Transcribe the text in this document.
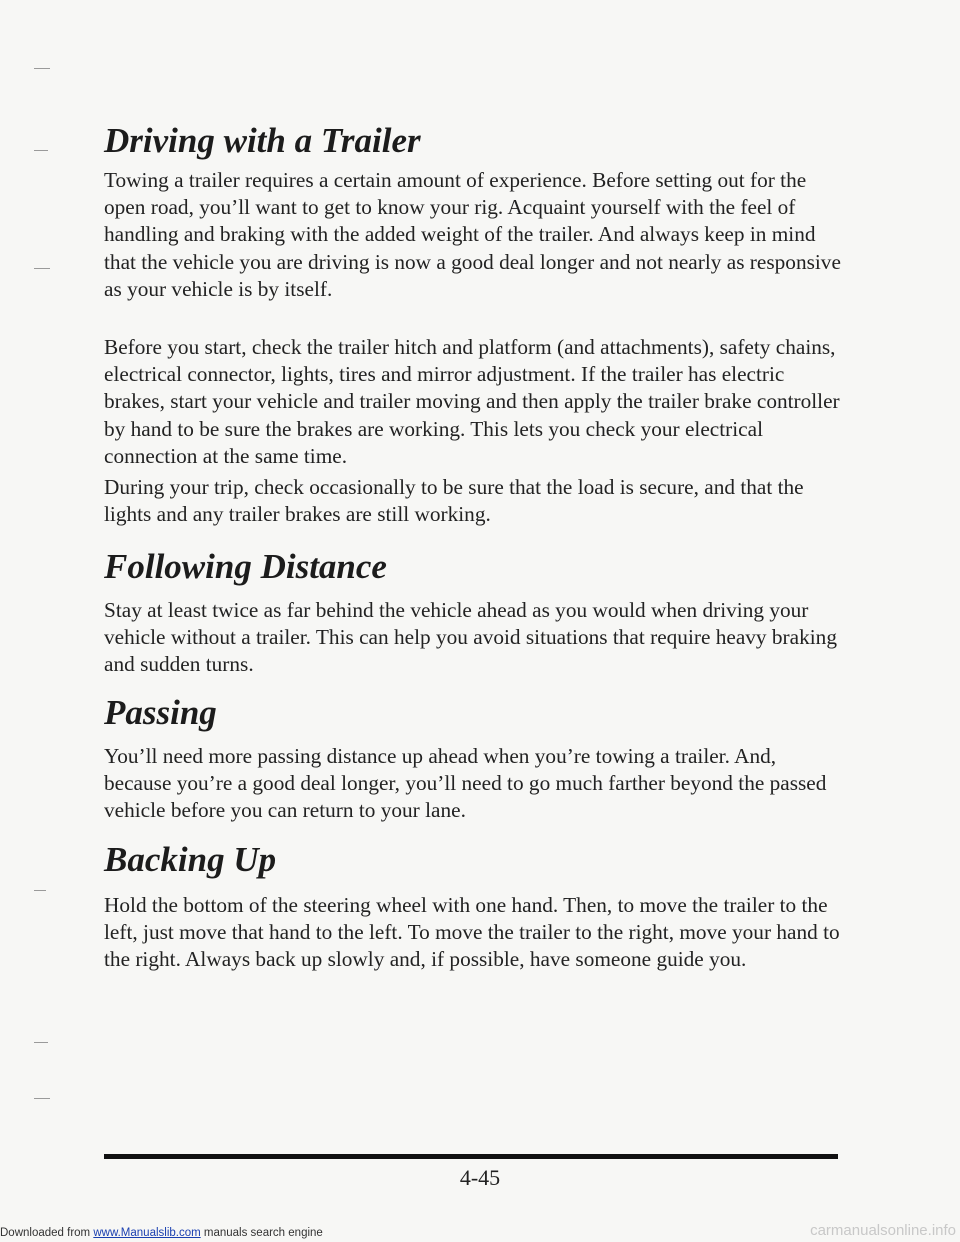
Driving with a Trailer

Towing a trailer requires a certain amount of experience. Before setting out for the open road, you’ll want to get to know your rig. Acquaint yourself with the feel of handling and braking with the added weight of the trailer. And always keep in mind that the vehicle you are driving is now a good deal longer and not nearly as responsive as your vehicle is by itself.

Before you start, check the trailer hitch and platform (and attachments), safety chains, electrical connector, lights, tires and mirror adjustment. If the trailer has electric brakes, start your vehicle and trailer moving and then apply the trailer brake controller by hand to be sure the brakes are working. This lets you check your electrical connection at the same time.

During your trip, check occasionally to be sure that the load is secure, and that the lights and any trailer brakes are still working.

Following Distance

Stay at least twice as far behind the vehicle ahead as you would when driving your vehicle without a trailer. This can help you avoid situations that require heavy braking and sudden turns.

Passing

You’ll need more passing distance up ahead when you’re towing a trailer. And, because you’re a good deal longer, you’ll need to go much farther beyond the passed vehicle before you can return to your lane.

Backing Up

Hold the bottom of the steering wheel with one hand. Then, to move the trailer to the left, just move that hand to the left. To move the trailer to the right, move your hand to the right. Always back up slowly and, if possible, have someone guide you.

4-45
Downloaded from www.Manualslib.com manuals search engine	carmanualsonline.info
